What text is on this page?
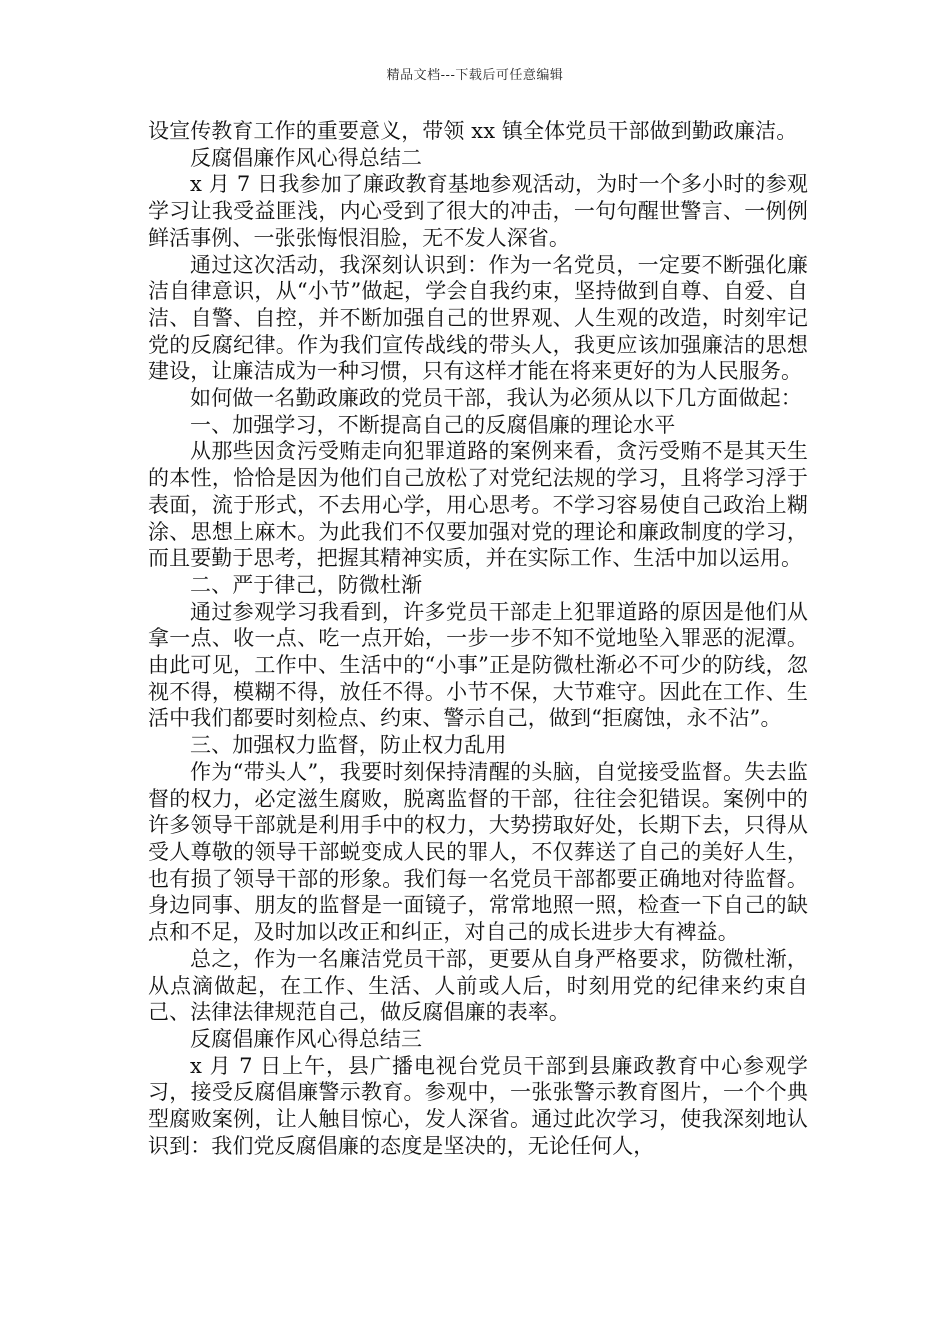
精品文档---下载后可任意编辑

设宣传教育工作的重要意义，带领 xx 镇全体党员干部做到勤政廉洁。

反腐倡廉作风心得总结二

x 月 7 日我参加了廉政教育基地参观活动，为时一个多小时的参观学习让我受益匪浅，内心受到了很大的冲击，一句句醒世警言、一例例鲜活事例、一张张悔恨泪脸，无不发人深省。

通过这次活动，我深刻认识到：作为一名党员，一定要不断强化廉洁自律意识，从“小节”做起，学会自我约束，坚持做到自尊、自爱、自洁、自警、自控，并不断加强自己的世界观、人生观的改造，时刻牢记党的反腐纪律。作为我们宣传战线的带头人，我更应该加强廉洁的思想建设，让廉洁成为一种习惯，只有这样才能在将来更好的为人民服务。

如何做一名勤政廉政的党员干部，我认为必须从以下几方面做起：

一、加强学习，不断提高自己的反腐倡廉的理论水平

从那些因贪污受贿走向犯罪道路的案例来看，贪污受贿不是其天生的本性，恰恰是因为他们自己放松了对党纪法规的学习，且将学习浮于表面，流于形式，不去用心学，用心思考。不学习容易使自己政治上糊涂、思想上麻木。为此我们不仅要加强对党的理论和廉政制度的学习，而且要勤于思考，把握其精神实质，并在实际工作、生活中加以运用。

二、严于律己，防微杜渐

通过参观学习我看到，许多党员干部走上犯罪道路的原因是他们从拿一点、收一点、吃一点开始，一步一步不知不觉地坠入罪恶的泥潭。由此可见，工作中、生活中的“小事”正是防微杜渐必不可少的防线，忽视不得，模糊不得，放任不得。小节不保，大节难守。因此在工作、生活中我们都要时刻检点、约束、警示自己，做到“拒腐蚀，永不沾”。

三、加强权力监督，防止权力乱用

作为“带头人”，我要时刻保持清醒的头脑，自觉接受监督。失去监督的权力，必定滋生腐败，脱离监督的干部，往往会犯错误。案例中的许多领导干部就是利用手中的权力，大势捞取好处，长期下去，只得从受人尊敬的领导干部蜕变成人民的罪人，不仅葬送了自己的美好人生，也有损了领导干部的形象。我们每一名党员干部都要正确地对待监督。身边同事、朋友的监督是一面镜子，常常地照一照，检查一下自己的缺点和不足，及时加以改正和纠正，对自己的成长进步大有裨益。

总之，作为一名廉洁党员干部，更要从自身严格要求，防微杜渐，从点滴做起，在工作、生活、人前或人后，时刻用党的纪律来约束自己、法律法律规范自己，做反腐倡廉的表率。

反腐倡廉作风心得总结三

x 月 7 日上午，县广播电视台党员干部到县廉政教育中心参观学习，接受反腐倡廉警示教育。参观中，一张张警示教育图片，一个个典型腐败案例，让人触目惊心，发人深省。通过此次学习，使我深刻地认识到：我们党反腐倡廉的态度是坚决的，无论任何人，
